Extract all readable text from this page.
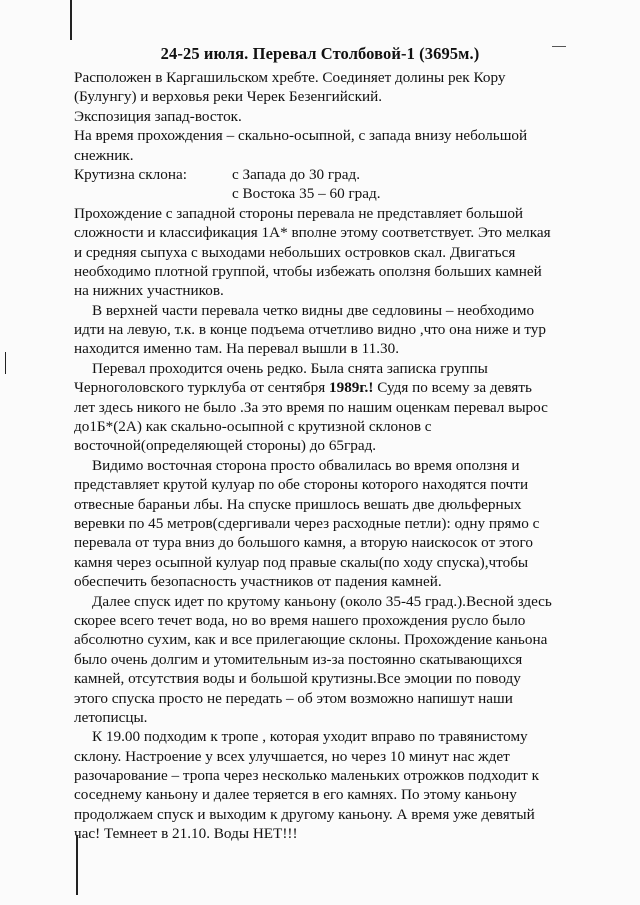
24-25 июля. Перевал Столбовой-1 (3695м.)
Расположен в Каргашильском хребте. Соединяет долины рек Кору
(Булунгу) и верховья реки Черек Безенгийский.
Экспозиция запад-восток.
На время прохождения – скально-осыпной, с запада внизу небольшой
снежник.
Крутизна склона:	с Запада до 30 град.
с Востока 35 – 60 град.
Прохождение с западной стороны перевала не представляет большой
сложности и классификация 1А* вполне этому соответствует. Это мелкая
и средняя сыпуха с выходами небольших островков скал. Двигаться
необходимо плотной группой, чтобы избежать оползня больших камней
на нижних участников.
В верхней части перевала четко видны две седловины – необходимо
идти на левую, т.к. в конце подъема отчетливо видно ,что она ниже и тур
находится именно там. На перевал вышли в 11.30.
Перевал проходится очень редко. Была снята записка группы
Черноголовского турклуба от сентября 1989г.! Судя по всему за девять
лет здесь никого не было .За это время по нашим оценкам перевал вырос
до1Б*(2А) как скально-осыпной с крутизной склонов с
восточной(определяющей стороны) до 65град.
Видимо восточная сторона просто обвалилась во время оползня и
представляет крутой кулуар по обе стороны которого находятся почти
отвесные бараньи лбы. На спуске пришлось вешать две дюльферных
веревки по 45 метров(сдергивали через расходные петли): одну прямо с
перевала от тура вниз до большого камня, а вторую наискосок от этого
камня через осыпной кулуар под правые скалы(по ходу спуска),чтобы
обеспечить безопасность участников от падения камней.
Далее спуск идет по крутому каньону (около 35-45 град.).Весной здесь
скорее всего течет вода, но во время нашего прохождения русло было
абсолютно сухим, как и все прилегающие склоны. Прохождение каньона
было очень долгим и утомительным из-за постоянно скатывающихся
камней, отсутствия воды и большой крутизны.Все эмоции по поводу
этого спуска просто не передать – об этом возможно напишут наши
летописцы.
К 19.00 подходим к тропе , которая уходит вправо по травянистому
склону. Настроение у всех улучшается, но через 10 минут нас ждет
разочарование – тропа через несколько маленьких отрожков подходит к
соседнему каньону и далее теряется в его камнях. По этому каньону
продолжаем спуск и выходим к другому каньону. А время уже девятый
час! Темнеет в 21.10. Воды НЕТ!!!
